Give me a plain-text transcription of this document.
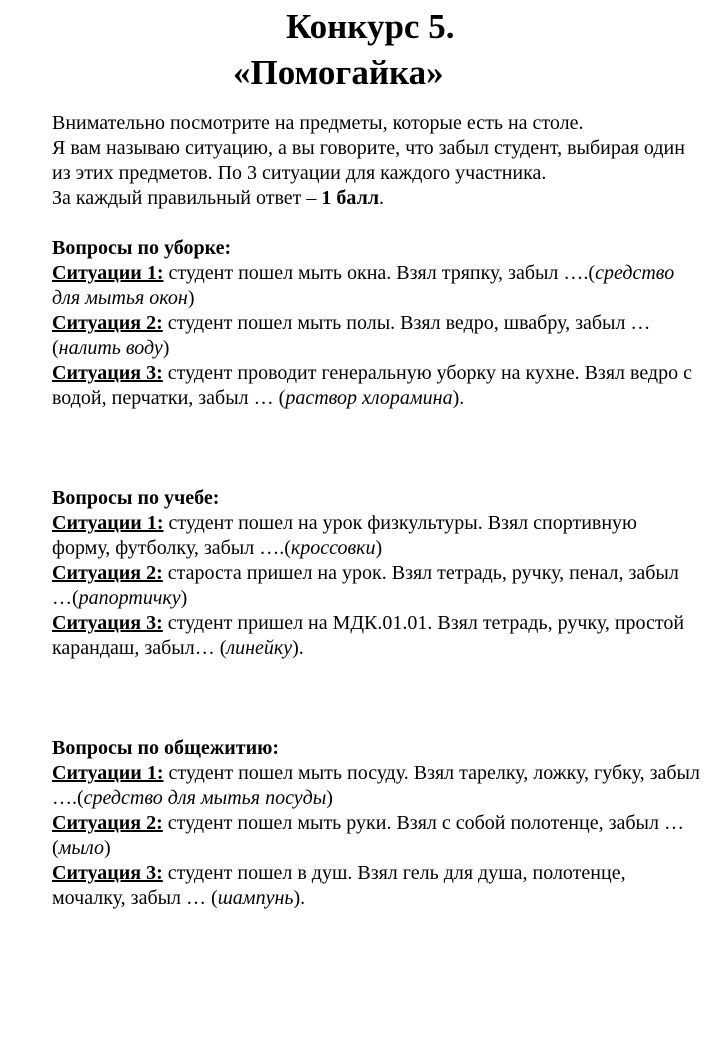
Конкурс 5.
«Помогайка»

Внимательно посмотрите на предметы, которые есть на столе.

Я вам называю ситуацию, а вы говорите, что забыл студент, выбирая один из этих предметов. По 3 ситуации для каждого участника.

За каждый правильный ответ – 1 балл.

Вопросы по уборке:

Ситуации 1: студент пошел мыть окна. Взял тряпку, забыл ….(средство для мытья окон)

Ситуация 2: студент пошел мыть полы. Взял ведро, швабру, забыл …(налить воду)

Ситуация 3: студент проводит генеральную уборку на кухне. Взял ведро с водой, перчатки, забыл … (раствор хлорамина).

Вопросы по учебе:

Ситуации 1: студент пошел на урок физкультуры. Взял спортивную форму, футболку, забыл ….(кроссовки)

Ситуация 2: староста пришел на урок. Взял тетрадь, ручку, пенал, забыл …(рапортичку)

Ситуация 3: студент пришел на МДК.01.01. Взял тетрадь, ручку, простой карандаш, забыл… (линейку).

Вопросы по общежитию:

Ситуации 1: студент пошел мыть посуду. Взял тарелку, ложку, губку, забыл ….(средство для мытья посуды)

Ситуация 2: студент пошел мыть руки. Взял с собой полотенце, забыл …(мыло)

Ситуация 3: студент пошел в душ. Взял гель для душа, полотенце, мочалку, забыл … (шампунь).
